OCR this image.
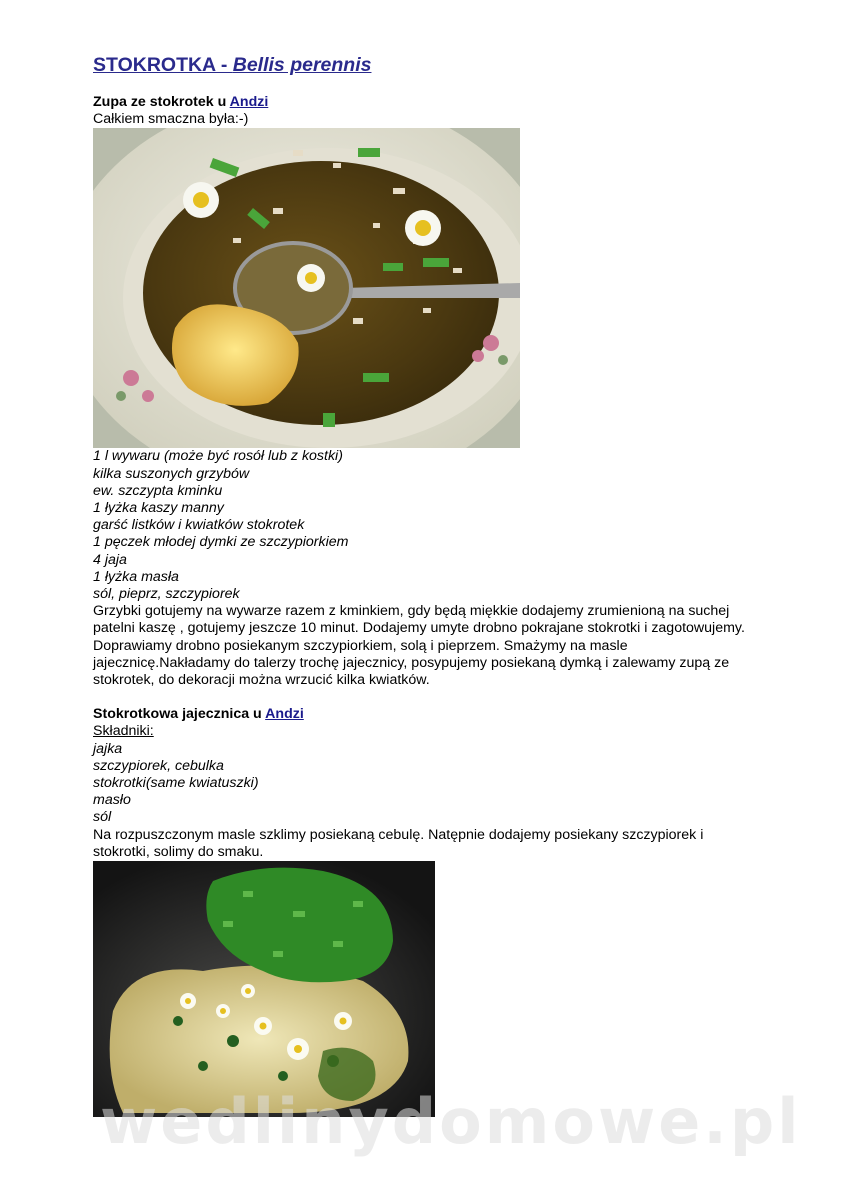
STOKROTKA - Bellis perennis
Zupa ze stokrotek u Andzi
Całkiem smaczna była:-)
1 l wywaru (może być rosół lub z kostki)
kilka suszonych grzybów
ew. szczypta kminku
1 łyżka kaszy manny
garść listków i kwiatków stokrotek
1 pęczek młodej dymki ze szczypiorkiem
4 jaja
1 łyżka masła
sól, pieprz, szczypiorek
Grzybki gotujemy na wywarze razem z kminkiem, gdy będą miękkie dodajemy zrumienioną na suchej
patelni kaszę , gotujemy jeszcze 10 minut. Dodajemy umyte drobno pokrajane stokrotki i zagotowujemy.
Doprawiamy drobno posiekanym szczypiorkiem, solą i pieprzem. Smażymy na masle
jajecznicę.Nakładamy do talerzy trochę jajecznicy, posypujemy posiekaną dymką i zalewamy zupą ze
stokrotek, do dekoracji można wrzucić kilka kwiatków.
Stokrotkowa jajecznica u Andzi
Składniki:
jajka
szczypiorek, cebulka
stokrotki(same kwiatuszki)
masło
sól
Na rozpuszczonym masle szklimy posiekaną cebulę. Natępnie dodajemy posiekany szczypiorek i
stokrotki, solimy do smaku.
wedlinydomowe.pl
